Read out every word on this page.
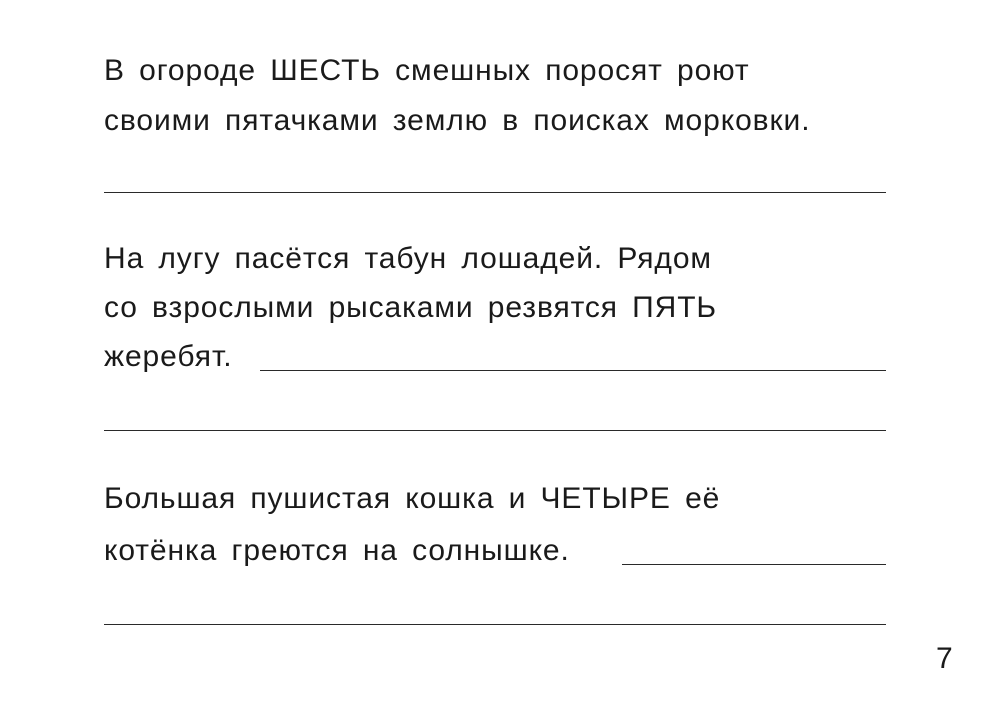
В огороде ШЕСТЬ смешных поросят роют
своими пятачками землю в поисках морковки.
На лугу пасётся табун лошадей. Рядом
со взрослыми рысаками резвятся ПЯТЬ
жеребят.
Большая пушистая кошка и ЧЕТЫРЕ её
котёнка греются на солнышке.
7
